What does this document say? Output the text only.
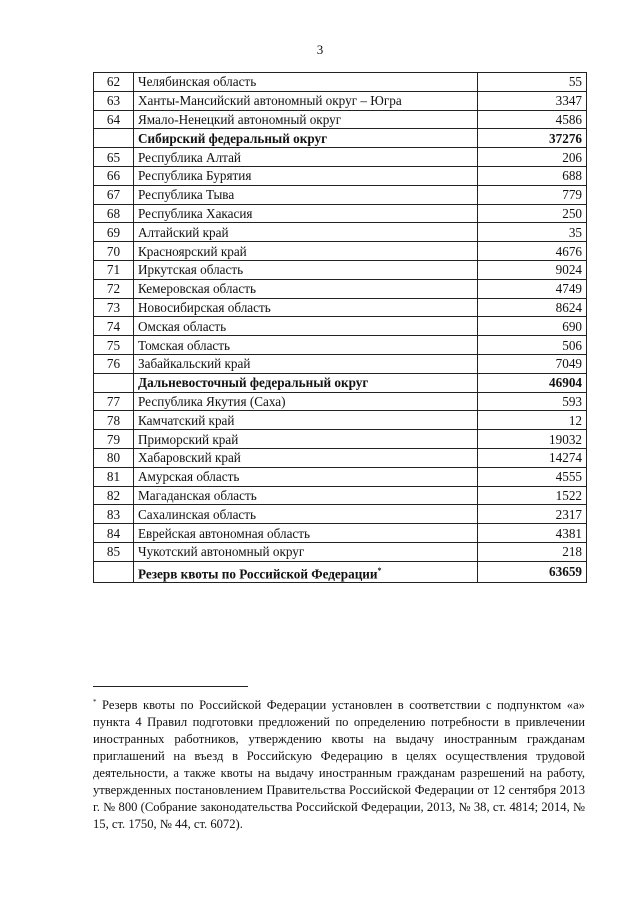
3
62	Челябинская область	55
63	Ханты-Мансийский автономный округ – Югра	3347
64	Ямало-Ненецкий автономный округ	4586
	Сибирский федеральный округ	37276
65	Республика Алтай	206
66	Республика Бурятия	688
67	Республика Тыва	779
68	Республика Хакасия	250
69	Алтайский край	35
70	Красноярский край	4676
71	Иркутская область	9024
72	Кемеровская область	4749
73	Новосибирская область	8624
74	Омская область	690
75	Томская область	506
76	Забайкальский край	7049
	Дальневосточный федеральный округ	46904
77	Республика Якутия (Саха)	593
78	Камчатский край	12
79	Приморский край	19032
80	Хабаровский край	14274
81	Амурская область	4555
82	Магаданская область	1522
83	Сахалинская область	2317
84	Еврейская автономная область	4381
85	Чукотский автономный округ	218
	Резерв квоты по Российской Федерации*	63659
* Резерв квоты по Российской Федерации установлен в соответствии с подпунктом «а» пункта 4 Правил подготовки предложений по определению потребности в привлечении иностранных работников, утверждению квоты на выдачу иностранным гражданам приглашений на въезд в Российскую Федерацию в целях осуществления трудовой деятельности, а также квоты на выдачу иностранным гражданам разрешений на работу, утвержденных постановлением Правительства Российской Федерации от 12 сентября 2013 г. № 800 (Собрание законодательства Российской Федерации, 2013, № 38, ст. 4814; 2014, № 15, ст. 1750, № 44, ст. 6072).
